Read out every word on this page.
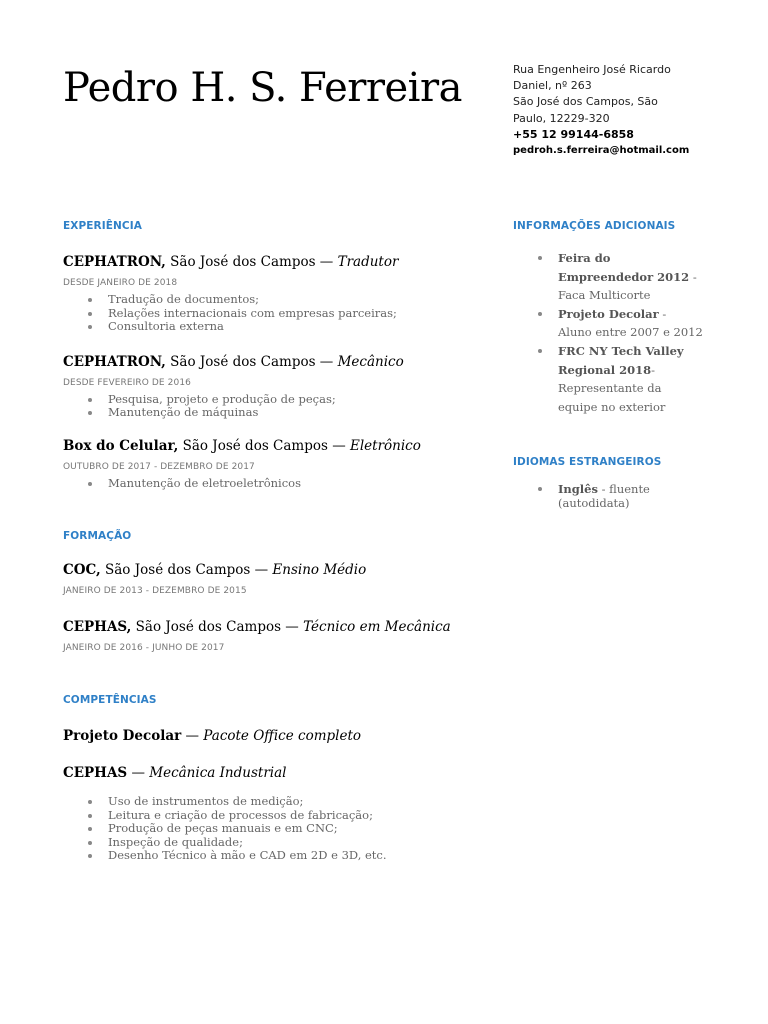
Pedro H. S. Ferreira	Rua Engenheiro José Ricardo
Daniel, nº 263
São José dos Campos, São
Paulo, 12229-320
+55 12 99144-6858
pedroh.s.ferreira@hotmail.com
EXPERIÊNCIA

CEPHATRON, São José dos Campos — Tradutor

DESDE JANEIRO DE 2018

Tradução de documentos;
Relações internacionais com empresas parceiras;
Consultoria externa

CEPHATRON, São José dos Campos — Mecânico

DESDE FEVEREIRO DE 2016

Pesquisa, projeto e produção de peças;
Manutenção de máquinas

Box do Celular, São José dos Campos — Eletrônico

OUTUBRO DE 2017 - DEZEMBRO DE 2017

Manutenção de eletroeletrônicos
FORMAÇÃO

COC, São José dos Campos — Ensino Médio

JANEIRO DE 2013 - DEZEMBRO DE 2015

CEPHAS, São José dos Campos — Técnico em Mecânica

JANEIRO DE 2016 - JUNHO DE 2017

COMPETÊNCIAS

Projeto Decolar — Pacote Office completo

CEPHAS — Mecânica Industrial

Uso de instrumentos de medição;
Leitura e criação de processos de fabricação;
Produção de peças manuais e em CNC;
Inspeção de qualidade;
Desenho Técnico à mão e CAD em 2D e 3D, etc.
INFORMAÇÕES ADICIONAIS
Feira do Empreendedor 2012 - Faca Multicorte
Projeto Decolar - Aluno entre 2007 e 2012
FRC NY Tech Valley Regional 2018- Representante da equipe no exterior
IDIOMAS ESTRANGEIROS
Inglês - fluente (autodidata)
